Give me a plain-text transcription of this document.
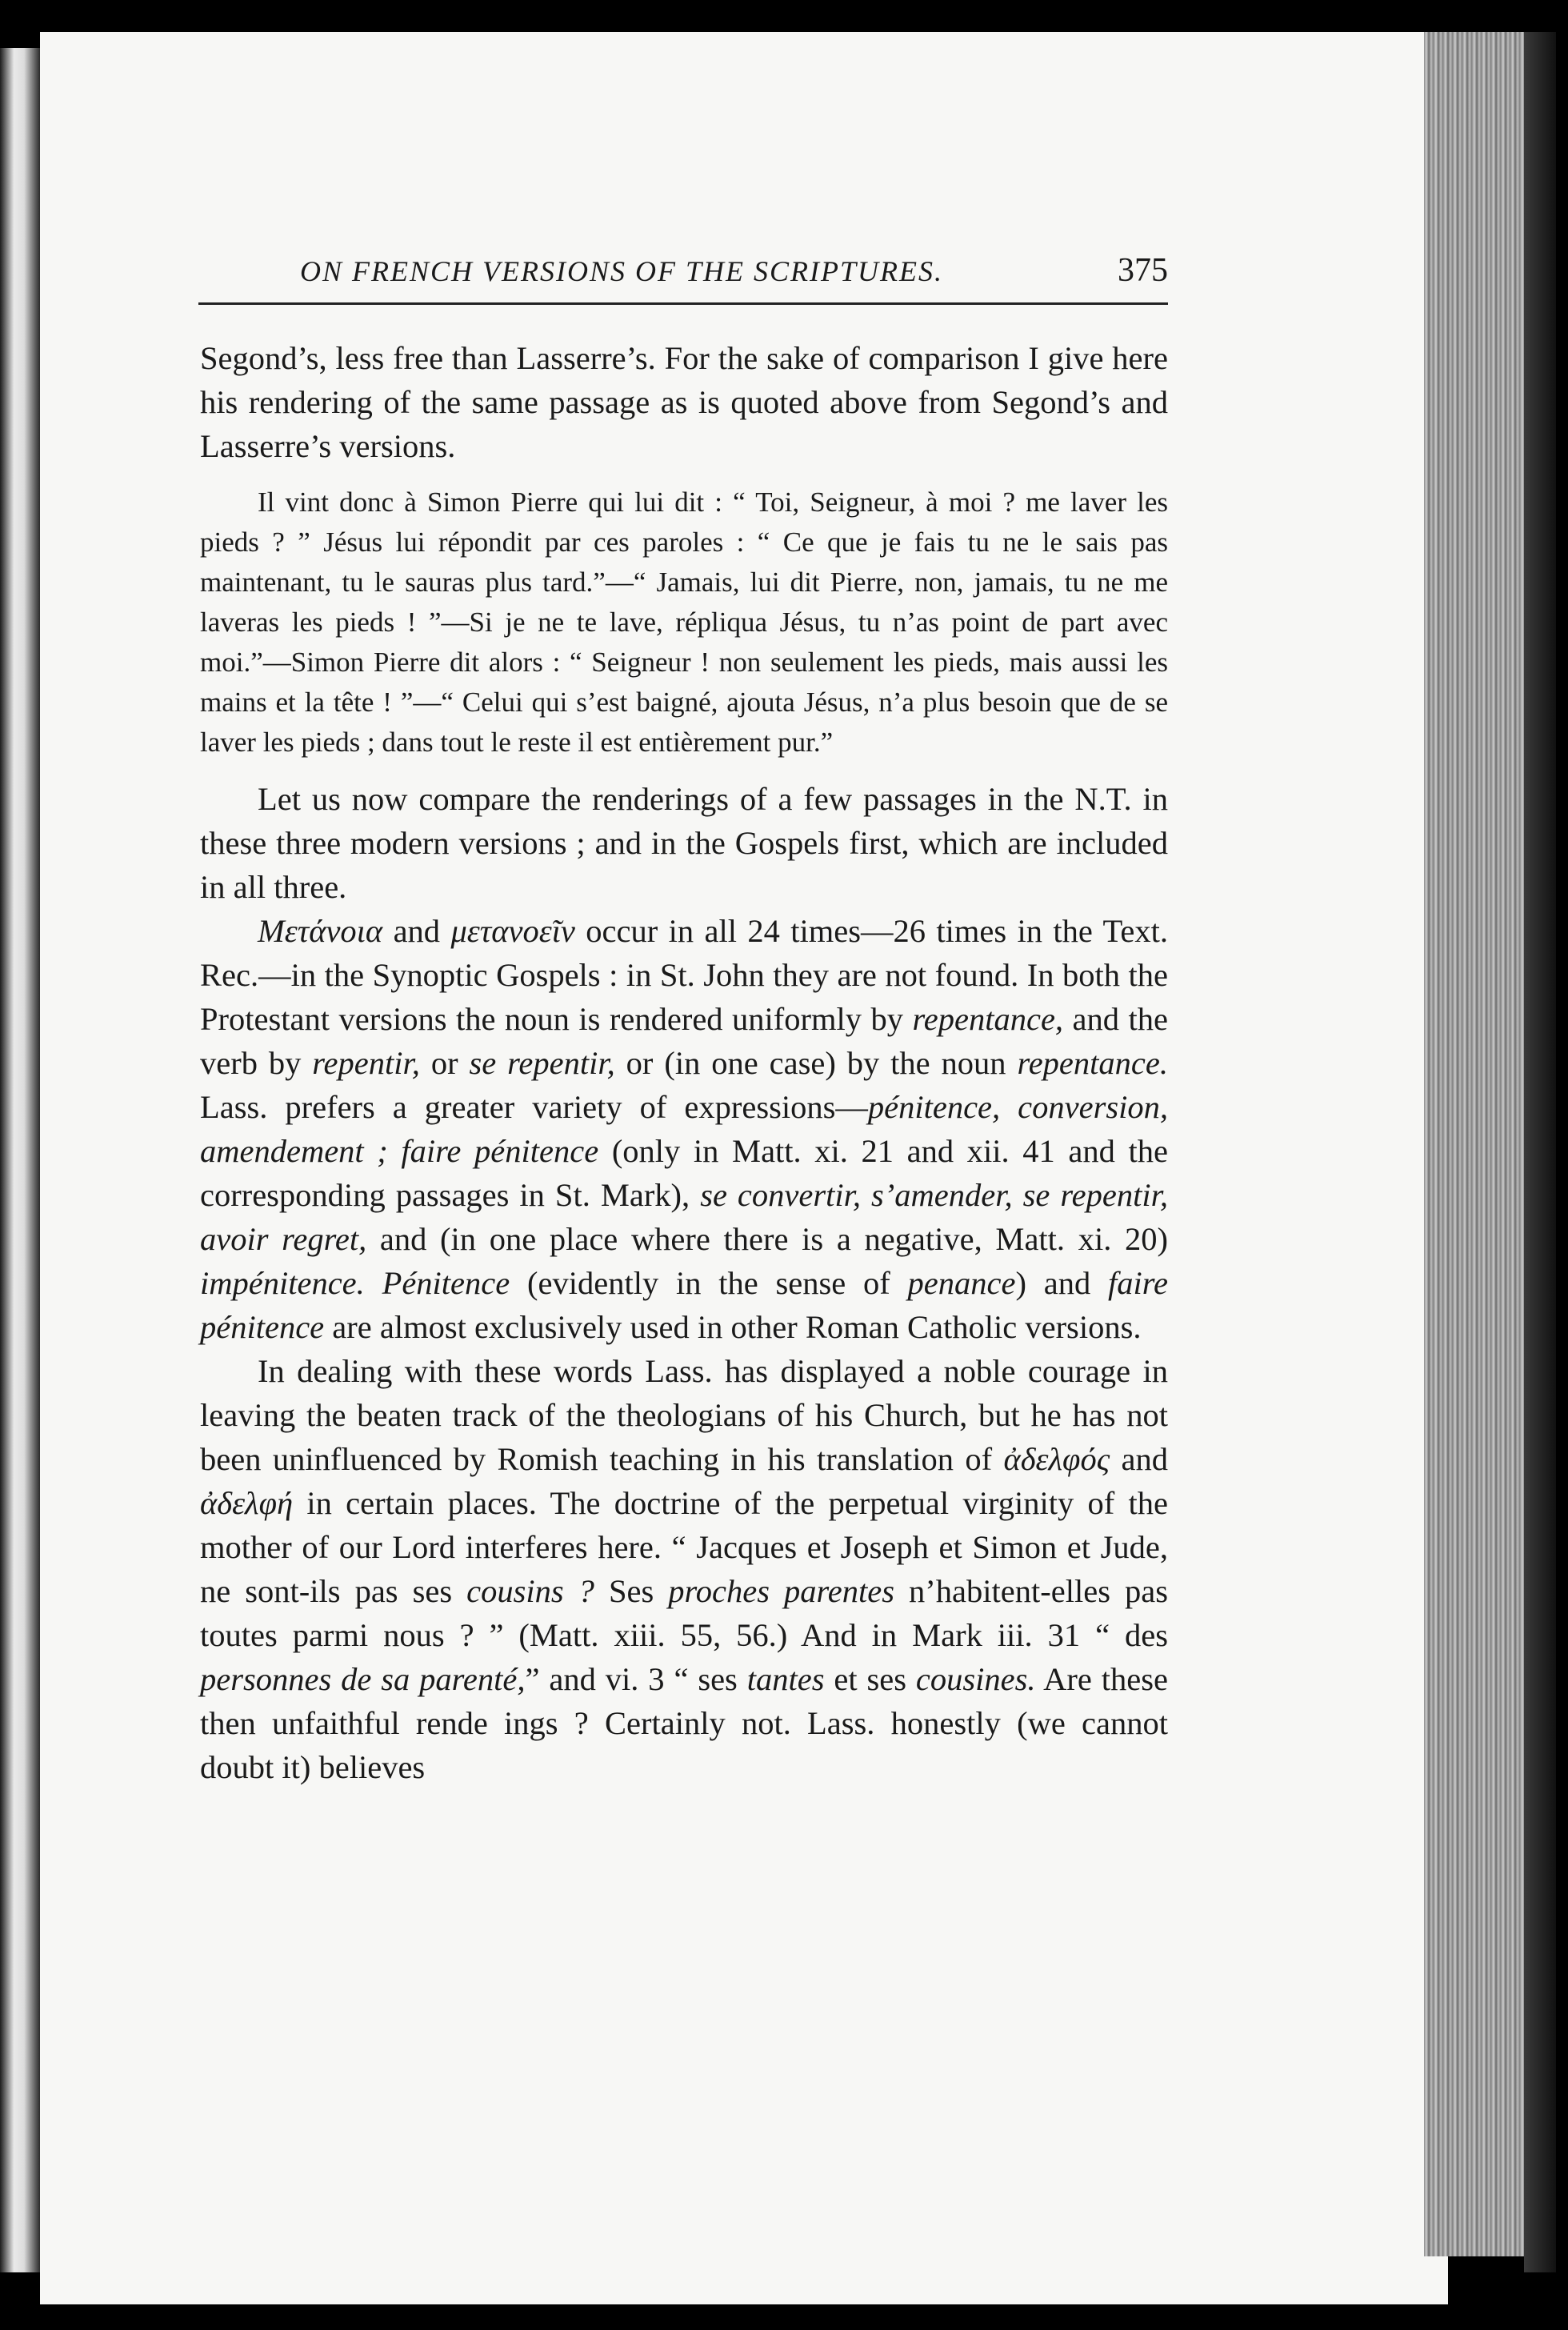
ON FRENCH VERSIONS OF THE SCRIPTURES.	375

Segond’s, less free than Lasserre’s. For the sake of comparison I give here his rendering of the same passage as is quoted above from Segond’s and Lasserre’s versions.

Il vint donc à Simon Pierre qui lui dit : “ Toi, Seigneur, à moi ? me laver les pieds ? ” Jésus lui répondit par ces paroles : “ Ce que je fais tu ne le sais pas maintenant, tu le sauras plus tard.”—“ Jamais, lui dit Pierre, non, jamais, tu ne me laveras les pieds ! ”—Si je ne te lave, répliqua Jésus, tu n’as point de part avec moi.”—Simon Pierre dit alors : “ Seigneur ! non seulement les pieds, mais aussi les mains et la tête ! ”—“ Celui qui s’est baigné, ajouta Jésus, n’a plus besoin que de se laver les pieds ; dans tout le reste il est entièrement pur.”

Let us now compare the renderings of a few passages in the N.T. in these three modern versions ; and in the Gospels first, which are included in all three.

Μετάνοια and μετανοεῖν occur in all 24 times—26 times in the Text. Rec.—in the Synoptic Gospels : in St. John they are not found. In both the Protestant versions the noun is rendered uniformly by repentance, and the verb by repentir, or se repentir, or (in one case) by the noun repentance. Lass. prefers a greater variety of expressions—pénitence, conversion, amendement ; faire pénitence (only in Matt. xi. 21 and xii. 41 and the corresponding passages in St. Mark), se convertir, s’amender, se repentir, avoir regret, and (in one place where there is a negative, Matt. xi. 20) impénitence. Pénitence (evidently in the sense of penance) and faire pénitence are almost exclusively used in other Roman Catholic versions.

In dealing with these words Lass. has displayed a noble courage in leaving the beaten track of the theologians of his Church, but he has not been uninfluenced by Romish teaching in his translation of ἀδελφός and ἀδελφή in certain places. The doctrine of the perpetual virginity of the mother of our Lord interferes here. “ Jacques et Joseph et Simon et Jude, ne sont-ils pas ses cousins ? Ses proches parentes n’habitent-elles pas toutes parmi nous ? ” (Matt. xiii. 55, 56.) And in Mark iii. 31 “ des personnes de sa parenté,” and vi. 3 “ ses tantes et ses cousines. Are these then unfaithful rende ings ? Certainly not. Lass. honestly (we cannot doubt it) believes
